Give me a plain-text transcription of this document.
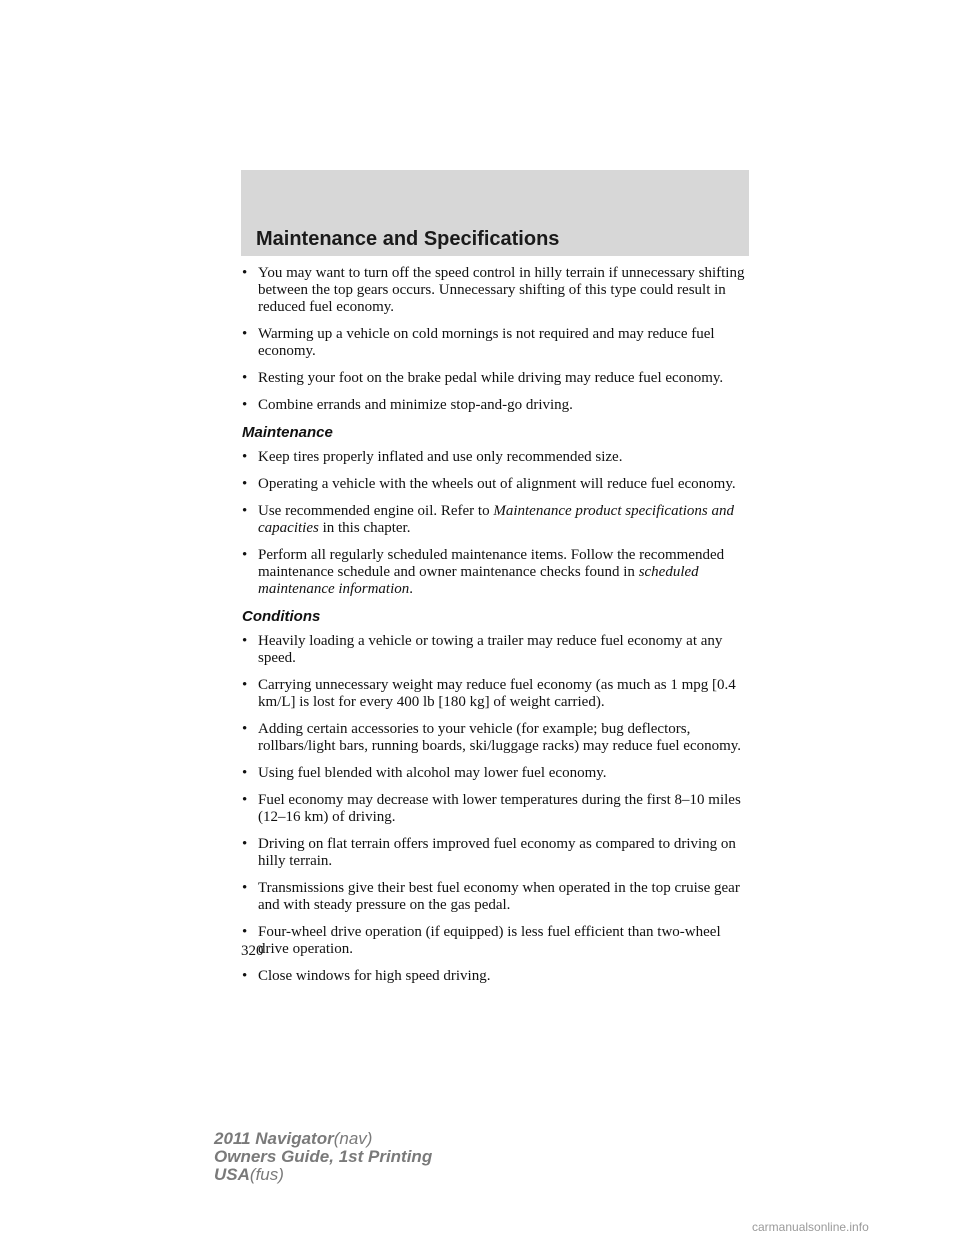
Maintenance and Specifications
• You may want to turn off the speed control in hilly terrain if unnecessary shifting between the top gears occurs. Unnecessary shifting of this type could result in reduced fuel economy.
• Warming up a vehicle on cold mornings is not required and may reduce fuel economy.
• Resting your foot on the brake pedal while driving may reduce fuel economy.
• Combine errands and minimize stop-and-go driving.
Maintenance
• Keep tires properly inflated and use only recommended size.
• Operating a vehicle with the wheels out of alignment will reduce fuel economy.
• Use recommended engine oil. Refer to Maintenance product specifications and capacities in this chapter.
• Perform all regularly scheduled maintenance items. Follow the recommended maintenance schedule and owner maintenance checks found in scheduled maintenance information.
Conditions
• Heavily loading a vehicle or towing a trailer may reduce fuel economy at any speed.
• Carrying unnecessary weight may reduce fuel economy (as much as 1 mpg [0.4 km/L] is lost for every 400 lb [180 kg] of weight carried).
• Adding certain accessories to your vehicle (for example; bug deflectors, rollbars/light bars, running boards, ski/luggage racks) may reduce fuel economy.
• Using fuel blended with alcohol may lower fuel economy.
• Fuel economy may decrease with lower temperatures during the first 8–10 miles (12–16 km) of driving.
• Driving on flat terrain offers improved fuel economy as compared to driving on hilly terrain.
• Transmissions give their best fuel economy when operated in the top cruise gear and with steady pressure on the gas pedal.
• Four-wheel drive operation (if equipped) is less fuel efficient than two-wheel drive operation.
• Close windows for high speed driving.
320
2011 Navigator(nav)
Owners Guide, 1st Printing
USA(fus)
carmanualsonline.info
